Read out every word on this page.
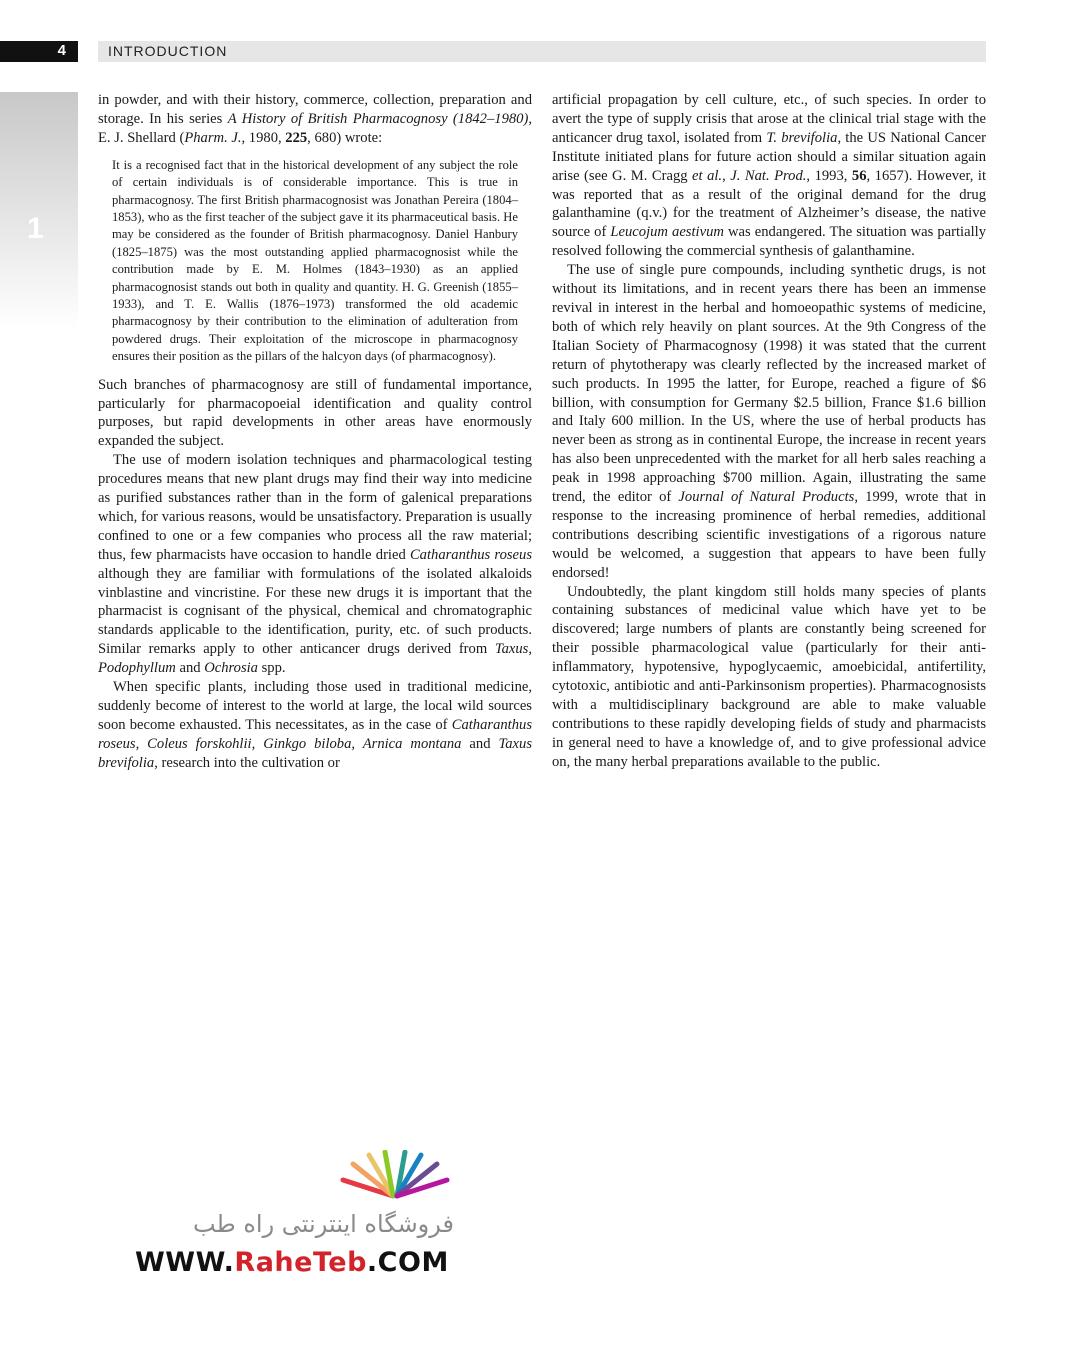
4	INTRODUCTION
1

in powder, and with their history, commerce, collection, preparation and storage. In his series A History of British Pharmacognosy (1842–1980), E. J. Shellard (Pharm. J., 1980, 225, 680) wrote:

It is a recognised fact that in the historical development of any subject the role of certain individuals is of considerable importance. This is true in pharmacognosy. The first British pharmacognosist was Jonathan Pereira (1804–1853), who as the first teacher of the subject gave it its pharmaceutical basis. He may be considered as the founder of British pharmacognosy. Daniel Hanbury (1825–1875) was the most outstanding applied pharmacognosist while the contribution made by E. M. Holmes (1843–1930) as an applied pharmacognosist stands out both in quality and quantity. H. G. Greenish (1855–1933), and T. E. Wallis (1876–1973) transformed the old academic pharmacognosy by their contribution to the elimination of adulteration from powdered drugs. Their exploitation of the microscope in pharmacognosy ensures their position as the pillars of the halcyon days (of pharmacognosy).

Such branches of pharmacognosy are still of fundamental importance, particularly for pharmacopoeial identification and quality control purposes, but rapid developments in other areas have enormously expanded the subject.

The use of modern isolation techniques and pharmacological testing procedures means that new plant drugs may find their way into medicine as purified substances rather than in the form of galenical preparations which, for various reasons, would be unsatisfactory. Preparation is usually confined to one or a few companies who process all the raw material; thus, few pharmacists have occasion to handle dried Catharanthus roseus although they are familiar with formulations of the isolated alkaloids vinblastine and vincristine. For these new drugs it is important that the pharmacist is cognisant of the physical, chemical and chromatographic standards applicable to the identification, purity, etc. of such products. Similar remarks apply to other anticancer drugs derived from Taxus, Podophyllum and Ochrosia spp.

When specific plants, including those used in traditional medicine, suddenly become of interest to the world at large, the local wild sources soon become exhausted. This necessitates, as in the case of Catharanthus roseus, Coleus forskohlii, Ginkgo biloba, Arnica montana and Taxus brevifolia, research into the cultivation or

artificial propagation by cell culture, etc., of such species. In order to avert the type of supply crisis that arose at the clinical trial stage with the anticancer drug taxol, isolated from T. brevifolia, the US National Cancer Institute initiated plans for future action should a similar situation again arise (see G. M. Cragg et al., J. Nat. Prod., 1993, 56, 1657). However, it was reported that as a result of the original demand for the drug galanthamine (q.v.) for the treatment of Alzheimer’s disease, the native source of Leucojum aestivum was endangered. The situation was partially resolved following the commercial synthesis of galanthamine.

The use of single pure compounds, including synthetic drugs, is not without its limitations, and in recent years there has been an immense revival in interest in the herbal and homoeopathic systems of medicine, both of which rely heavily on plant sources. At the 9th Congress of the Italian Society of Pharmacognosy (1998) it was stated that the current return of phytotherapy was clearly reflected by the increased market of such products. In 1995 the latter, for Europe, reached a figure of $6 billion, with consumption for Germany $2.5 billion, France $1.6 billion and Italy 600 million. In the US, where the use of herbal products has never been as strong as in continental Europe, the increase in recent years has also been unprecedented with the market for all herb sales reaching a peak in 1998 approaching $700 million. Again, illustrating the same trend, the editor of Journal of Natural Products, 1999, wrote that in response to the increasing prominence of herbal remedies, additional contributions describing scientific investigations of a rigorous nature would be welcomed, a suggestion that appears to have been fully endorsed!

Undoubtedly, the plant kingdom still holds many species of plants containing substances of medicinal value which have yet to be discovered; large numbers of plants are constantly being screened for their possible pharmacological value (particularly for their anti-inflammatory, hypotensive, hypoglycaemic, amoebicidal, antifertility, cytotoxic, antibiotic and anti-Parkinsonism properties). Pharmacognosists with a multidisciplinary background are able to make valuable contributions to these rapidly developing fields of study and pharmacists in general need to have a knowledge of, and to give professional advice on, the many herbal preparations available to the public.

فروشگاه اینترنتی راه طب
WWW.RaheTeb.COM
